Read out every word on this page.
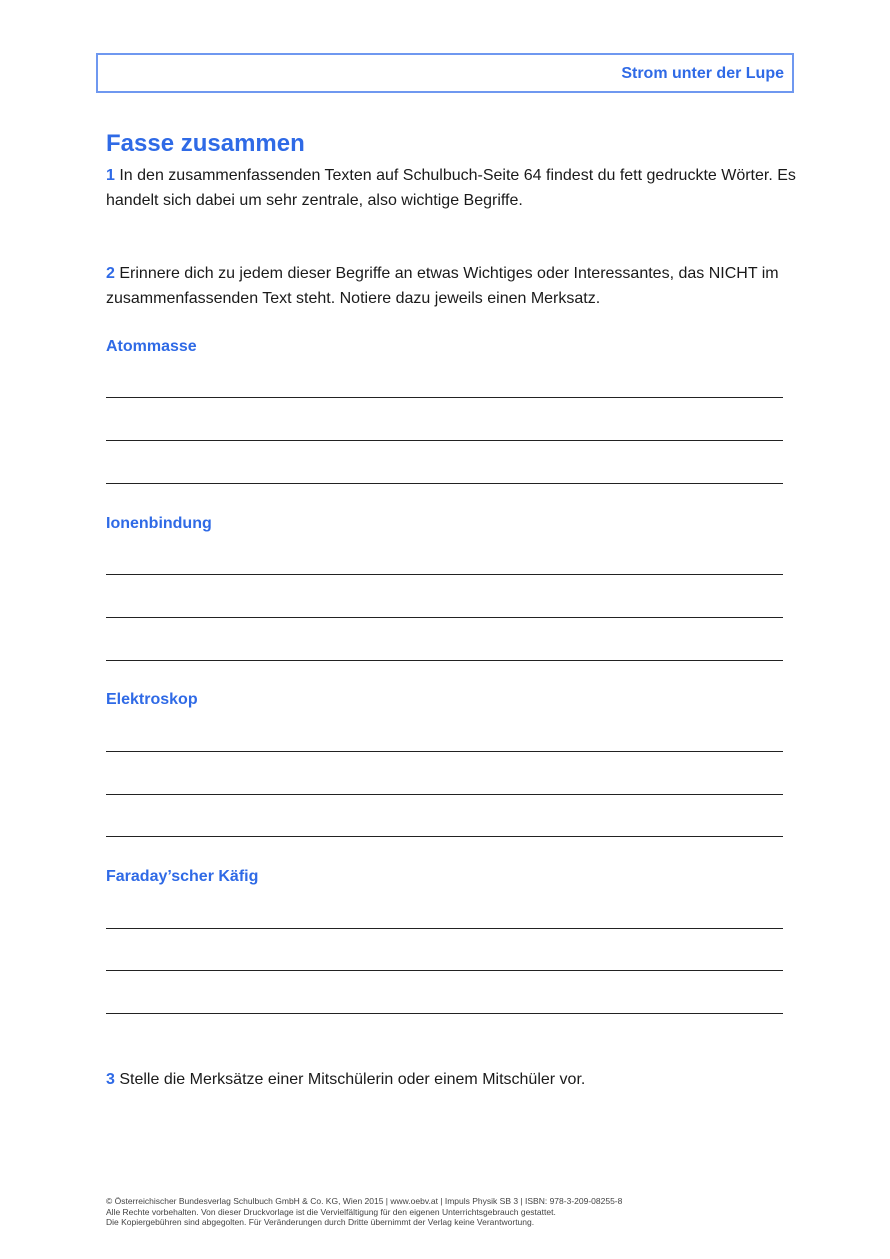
Strom unter der Lupe
Fasse zusammen

1 In den zusammenfassenden Texten auf Schulbuch-Seite 64 findest du fett gedruckte Wörter. Es handelt sich dabei um sehr zentrale, also wichtige Begriffe.

2 Erinnere dich zu jedem dieser Begriffe an etwas Wichtiges oder Interessantes, das NICHT im zusammenfassenden Text steht. Notiere dazu jeweils einen Merksatz.

Atommasse

Ionenbindung

Elektroskop

Faraday’scher Käfig

3 Stelle die Merksätze einer Mitschülerin oder einem Mitschüler vor.

© Österreichischer Bundesverlag Schulbuch GmbH & Co. KG, Wien 2015 | www.oebv.at | Impuls Physik SB 3 | ISBN: 978-3-209-08255-8
Alle Rechte vorbehalten. Von dieser Druckvorlage ist die Vervielfältigung für den eigenen Unterrichtsgebrauch gestattet.
Die Kopiergebühren sind abgegolten. Für Veränderungen durch Dritte übernimmt der Verlag keine Verantwortung.
